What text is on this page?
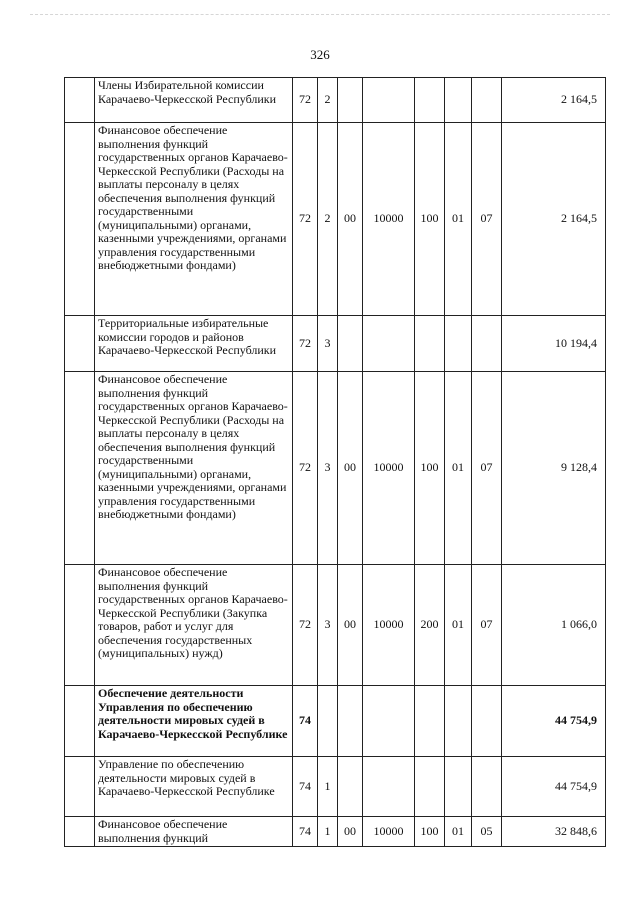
326
	Члены Избирательной комиссии Карачаево-Черкесской Республики	72	2						2 164,5
	Финансовое обеспечение выполнения функций государственных органов Карачаево-Черкесской Республики (Расходы на выплаты персоналу в целях обеспечения выполнения функций государственными (муниципальными) органами, казенными учреждениями, органами управления государственными внебюджетными фондами)	72	2	00	10000	100	01	07	2 164,5
	Территориальные избирательные комиссии городов и районов Карачаево-Черкесской Республики	72	3						10 194,4
	Финансовое обеспечение выполнения функций государственных органов Карачаево-Черкесской Республики (Расходы на выплаты персоналу в целях обеспечения выполнения функций государственными (муниципальными) органами, казенными учреждениями, органами управления государственными внебюджетными фондами)	72	3	00	10000	100	01	07	9 128,4
	Финансовое обеспечение выполнения функций государственных органов Карачаево-Черкесской Республики (Закупка товаров, работ и услуг для обеспечения государственных (муниципальных) нужд)	72	3	00	10000	200	01	07	1 066,0
	Обеспечение деятельности Управления по обеспечению деятельности мировых судей в Карачаево-Черкесской Республике	74							44 754,9
	Управление по обеспечению деятельности мировых судей в Карачаево-Черкесской Республике	74	1						44 754,9
	Финансовое обеспечение выполнения функций	74	1	00	10000	100	01	05	32 848,6
